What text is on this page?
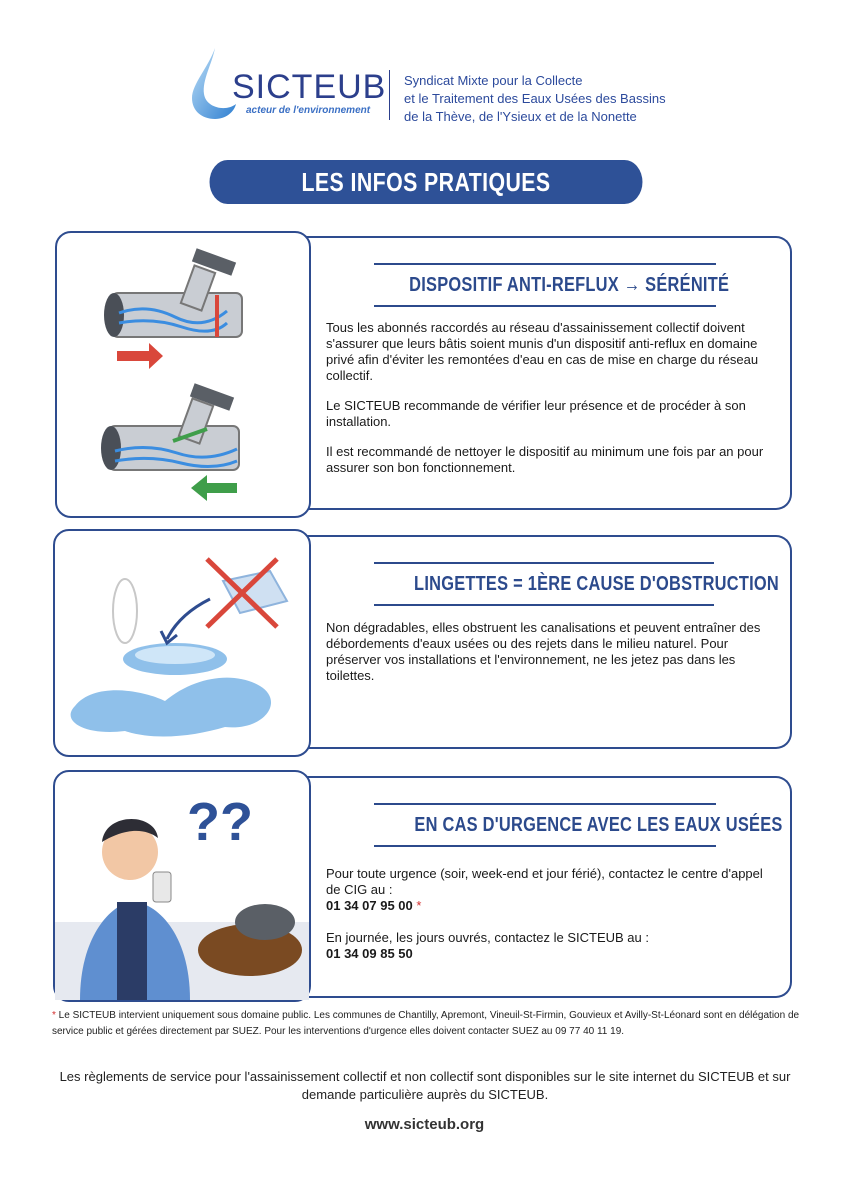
SICTEUB
acteur de l'environnement
Syndicat Mixte pour la Collecte
et le Traitement des Eaux Usées des Bassins
de la Thève, de l'Ysieux et de la Nonette
LES INFOS PRATIQUES
DISPOSITIF ANTI-REFLUX → SÉRÉNITÉ

Tous les abonnés raccordés au réseau d'assainissement collectif doivent s'assurer que leurs bâtis soient munis d'un dispositif anti-reflux en domaine privé afin d'éviter les remontées d'eau en cas de mise en charge du réseau collectif.

Le SICTEUB recommande de vérifier leur présence et de procéder à son installation.

Il est recommandé de nettoyer le dispositif au minimum une fois par an pour assurer son bon fonctionnement.

LINGETTES = 1ÈRE CAUSE D'OBSTRUCTION

Non dégradables, elles obstruent les canalisations et peuvent entraîner des débordements d'eaux usées ou des rejets dans le milieu naturel. Pour préserver vos installations et l'environnement, ne les jetez pas dans les toilettes.

??	EN CAS D'URGENCE AVEC LES EAUX USÉES
Pour toute urgence (soir, week-end et jour férié), contactez le centre d'appel de CIG au :
01 34 07 95 00 *
En journée, les jours ouvrés, contactez le SICTEUB au :
01 34 09 85 50
* Le SICTEUB intervient uniquement sous domaine public. Les communes de Chantilly, Apremont, Vineuil-St-Firmin, Gouvieux et Avilly-St-Léonard sont en délégation de service public et gérées directement par SUEZ. Pour les interventions d'urgence elles doivent contacter SUEZ au 09 77 40 11 19.
Les règlements de service pour l'assainissement collectif et non collectif sont disponibles sur le site internet du SICTEUB et sur demande particulière auprès du SICTEUB.
www.sicteub.org
